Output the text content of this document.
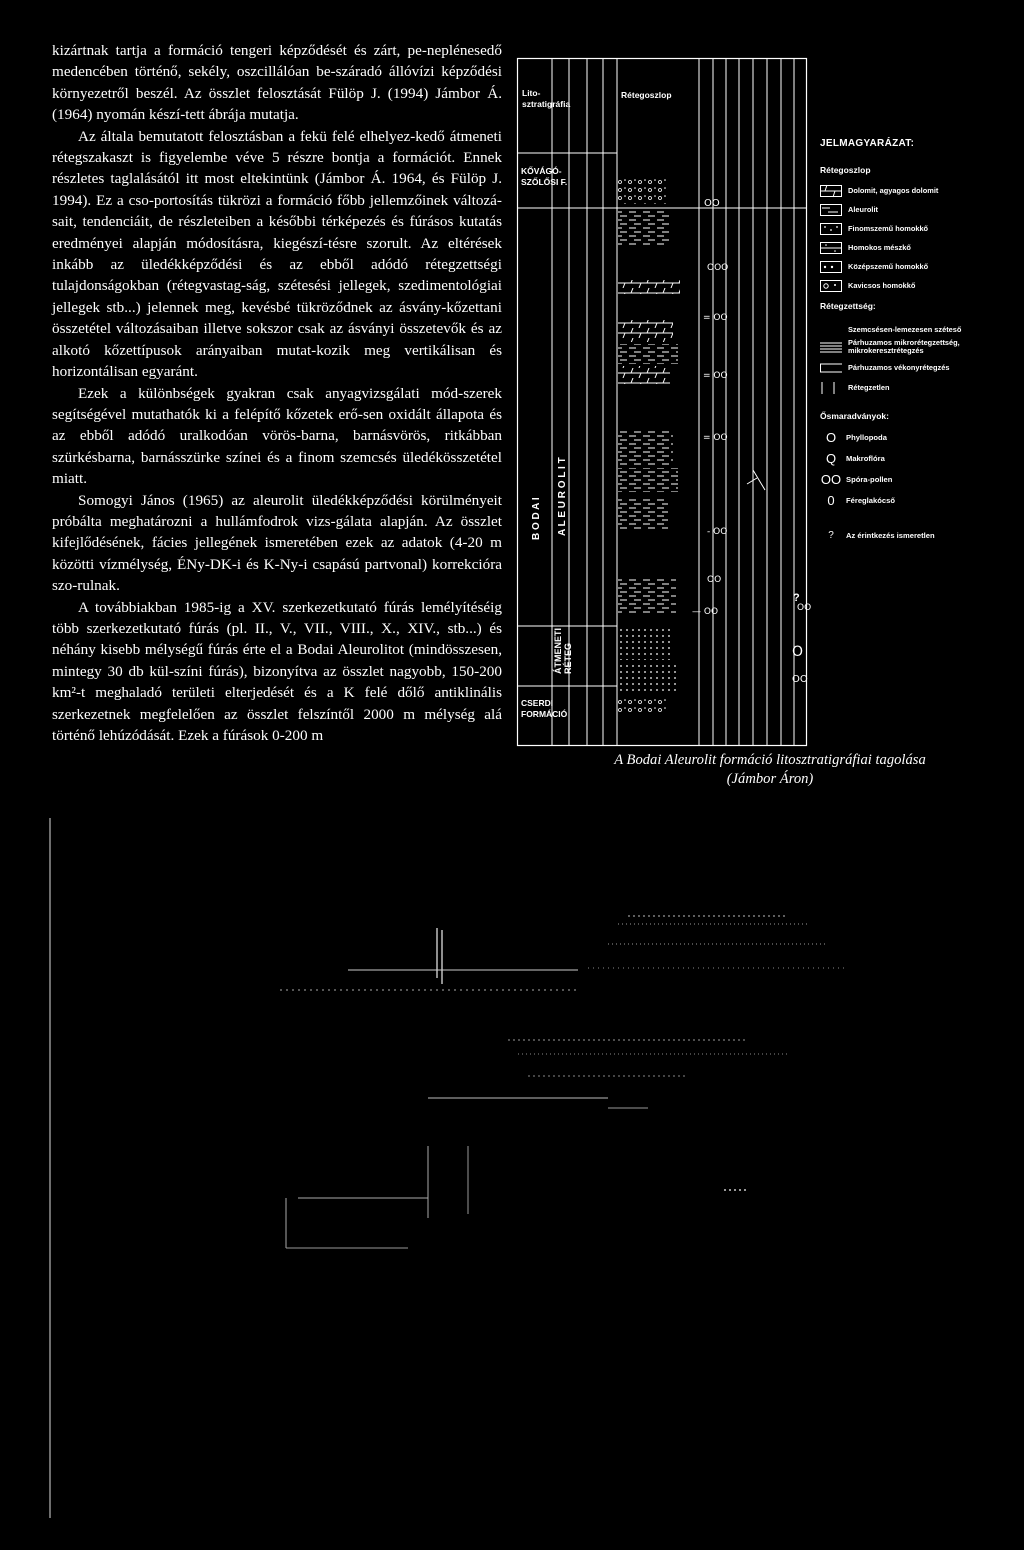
kizártnak tartja a formáció tengeri képződését és zárt, pe-neplénesedő medencében történő, sekély, oszcillálóan be-száradó állóvízi képződési környezetről beszél. Az összlet felosztását Fülöp J. (1994) Jámbor Á. (1964) nyomán készí-tett ábrája mutatja.

Az általa bemutatott felosztásban a fekü felé elhelyez-kedő átmeneti rétegszakaszt is figyelembe véve 5 részre bontja a formációt. Ennek részletes taglalásától itt most eltekintünk (Jámbor Á. 1964, és Fülöp J. 1994). Ez a cso-portosítás tükrözi a formáció főbb jellemzőinek változá-sait, tendenciáit, de részleteiben a későbbi térképezés és fúrásos kutatás eredményei alapján módosításra, kiegészí-tésre szorult. Az eltérések inkább az üledékképződési és az ebből adódó rétegzettségi tulajdonságokban (rétegvastag-ság, szétesési jellegek, szedimentológiai jellegek stb...) jelennek meg, kevésbé tükröződnek az ásvány-kőzettani összetétel változásaiban illetve sokszor csak az ásványi összetevők és az alkotó kőzettípusok arányaiban mutat-kozik meg vertikálisan és horizontálisan egyaránt.

Ezek a különbségek gyakran csak anyagvizsgálati mód-szerek segítségével mutathatók ki a felépítő kőzetek erő-sen oxidált állapota és az ebből adódó uralkodóan vörös-barna, barnásvörös, ritkábban szürkésbarna, barnásszürke színei és a finom szemcsés üledékösszetétel miatt.

Somogyi János (1965) az aleurolit üledékképződési körülményeit próbálta meghatározni a hullámfodrok vizs-gálata alapján. Az összlet kifejlődésének, fácies jellegének ismeretében ezek az adatok (4-20 m közötti vízmélység, ÉNy-DK-i és K-Ny-i csapású partvonal) korrekcióra szo-rulnak.

A továbbiakban 1985-ig a XV. szerkezetkutató fúrás lemélyítéséig több szerkezetkutató fúrás (pl. II., V., VII., VIII., X., XIV., stb...) és néhány kisebb mélységű fúrás érte el a Bodai Aleurolitot (mindösszesen, mintegy 30 db kül-színi fúrás), bizonyítva az összlet nagyobb, 150-200 km²-t meghaladó területi elterjedését és a K felé dőlő antiklinális szerkezetnek megfelelően az összlet felszíntől 2000 m mélység alá történő lehúzódását. Ezek a fúrások 0-200 m

OO
OOO
= OO
= OO
= OO
- OO
OO
— OO	OO
O
OO
Lito-
sztratigráfia
Rétegoszlop
KŐVÁGÓ-
SZŐLŐSI F.
CSERDI
FORMÁCIÓ
B O D A I A L E U R O L I T
ÁTMENETI
RÉTEG
?
JELMAGYARÁZAT:
Rétegoszlop
Dolomit, agyagos dolomit
Aleurolit
Finomszemű homokkő
Homokos mészkő
Középszemű homokkő
Kavicsos homokkő
Rétegzettség:
Szemcsésen-lemezesen széteső
Párhuzamos mikrorétegzettség, mikrokeresztrétegzés
Párhuzamos vékonyrétegzés
Rétegzetlen
Ősmaradványok:
O	Phyllopoda
Q	Makroflóra
OO Spóra-pollen
0	Féreglakócső
?	Az érintkezés ismeretlen
A Bodai Aleurolit formáció litosztratigráfiai tagolása
(Jámbor Áron)
